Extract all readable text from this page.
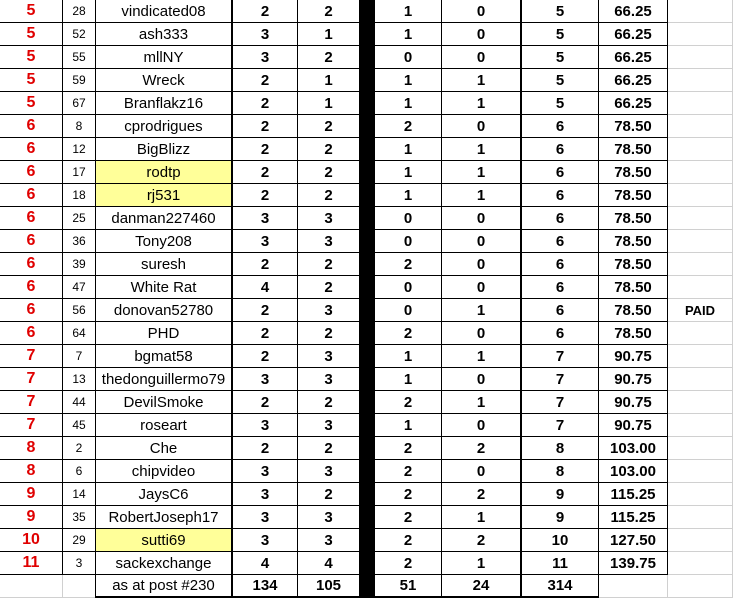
5	28	vindicated08	2	2	1	0	5	66.25
5	52	ash333	3	1	1	0	5	66.25
5	55	mllNY	3	2	0	0	5	66.25
5	59	Wreck	2	1	1	1	5	66.25
5	67	Branflakz16	2	1	1	1	5	66.25
6	8	cprodrigues	2	2	2	0	6	78.50
6	12	BigBlizz	2	2	1	1	6	78.50
6	17	rodtp	2	2	1	1	6	78.50
6	18	rj531	2	2	1	1	6	78.50
6	25	danman227460	3	3	0	0	6	78.50
6	36	Tony208	3	3	0	0	6	78.50
6	39	suresh	2	2	2	0	6	78.50
6	47	White Rat	4	2	0	0	6	78.50
6	56	donovan52780	2	3	0	1	6	78.50	PAID
6	64	PHD	2	2	2	0	6	78.50
7	7	bgmat58	2	3	1	1	7	90.75
7	13	thedonguillermo79	3	3	1	0	7	90.75
7	44	DevilSmoke	2	2	2	1	7	90.75
7	45	roseart	3	3	1	0	7	90.75
8	2	Che	2	2	2	2	8	103.00
8	6	chipvideo	3	3	2	0	8	103.00
9	14	JaysC6	3	2	2	2	9	115.25
9	35	RobertJoseph17	3	3	2	1	9	115.25
10	29	sutti69	3	3	2	2	10	127.50
11	3	sackexchange	4	4	2	1	11	139.75
as at post #230	134	105	51	24	314
